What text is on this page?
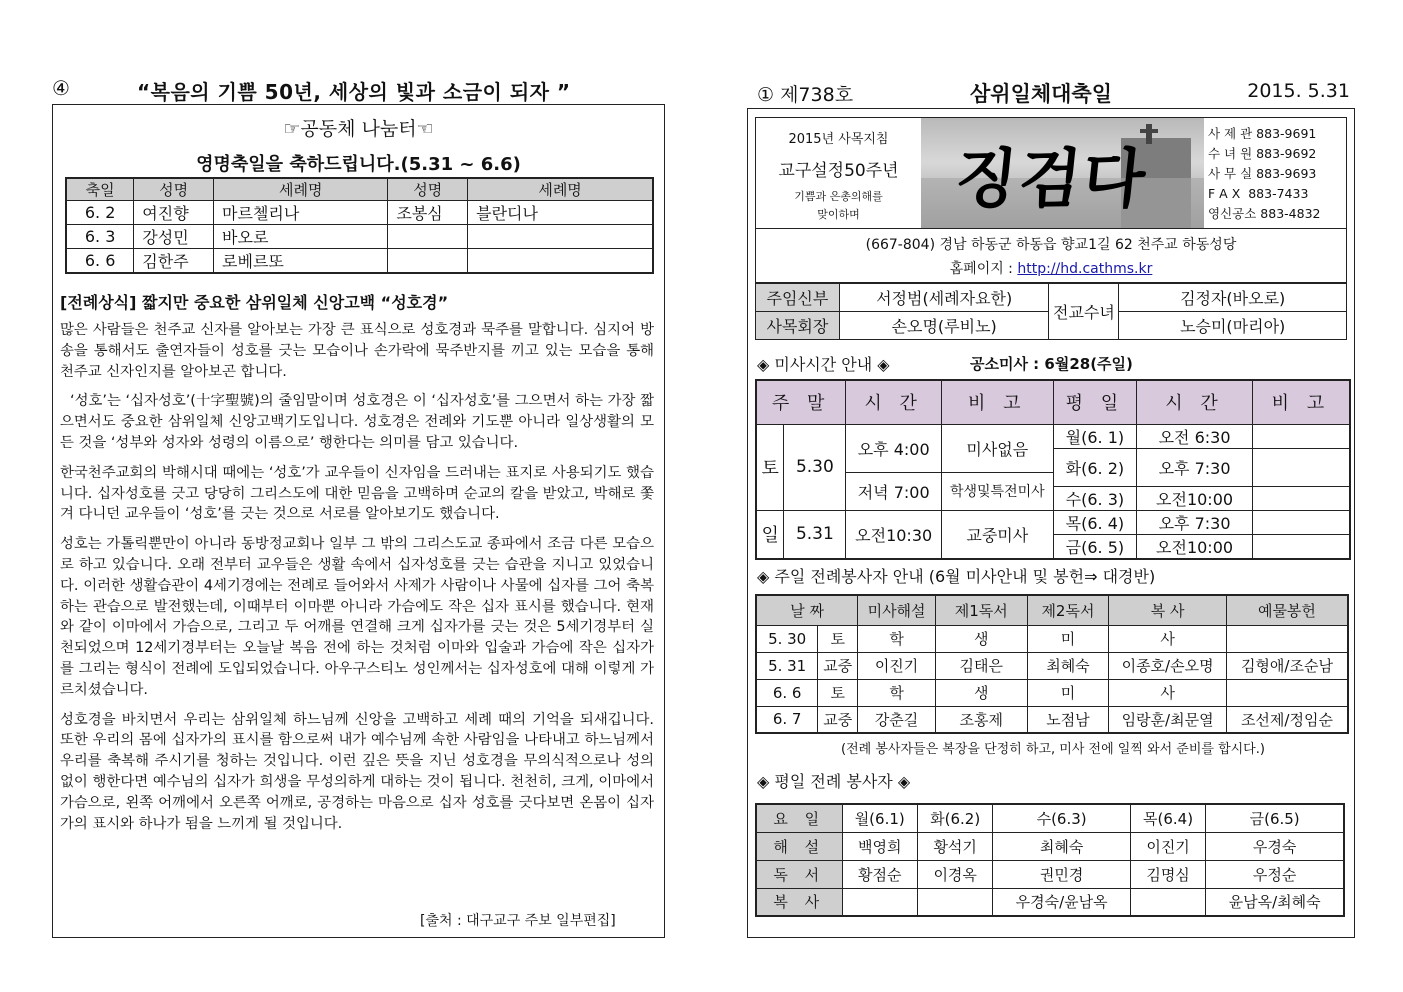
④	“복음의 기쁨 50년, 세상의 빛과 소금이 되자 ”
☞공동체 나눔터☜
영명축일을 축하드립니다.(5.31 ~ 6.6)
축일	성명	세례명	성명	세례명
6. 2	여진향	마르첼리나	조봉심	블란디나
6. 3	강성민	바오로		
6. 6	김한주	로베르또		
[전례상식] 짧지만 중요한 삼위일체 신앙고백 “성호경”

많은 사람들은 천주교 신자를 알아보는 가장 큰 표식으로 성호경과 묵주를 말합니다. 심지어 방송을 통해서도 출연자들이 성호를 긋는 모습이나 손가락에 묵주반지를 끼고 있는 모습을 통해 천주교 신자인지를 알아보곤 합니다.

‘성호’는 ‘십자성호’(十字聖號)의 줄임말이며 성호경은 이 ‘십자성호’를 그으면서 하는 가장 짧으면서도 중요한 삼위일체 신앙고백기도입니다. 성호경은 전례와 기도뿐 아니라 일상생활의 모든 것을 ‘성부와 성자와 성령의 이름으로’ 행한다는 의미를 담고 있습니다.

한국천주교회의 박해시대 때에는 ‘성호’가 교우들이 신자임을 드러내는 표지로 사용되기도 했습니다. 십자성호를 긋고 당당히 그리스도에 대한 믿음을 고백하며 순교의 칼을 받았고, 박해로 쫓겨 다니던 교우들이 ‘성호’를 긋는 것으로 서로를 알아보기도 했습니다.

성호는 가톨릭뿐만이 아니라 동방정교회나 일부 그 밖의 그리스도교 종파에서 조금 다른 모습으로 하고 있습니다. 오래 전부터 교우들은 생활 속에서 십자성호를 긋는 습관을 지니고 있었습니다. 이러한 생활습관이 4세기경에는 전례로 들어와서 사제가 사람이나 사물에 십자를 그어 축복하는 관습으로 발전했는데, 이때부터 이마뿐 아니라 가슴에도 작은 십자 표시를 했습니다. 현재와 같이 이마에서 가슴으로, 그리고 두 어깨를 연결해 크게 십자가를 긋는 것은 5세기경부터 실천되었으며 12세기경부터는 오늘날 복음 전에 하는 것처럼 이마와 입술과 가슴에 작은 십자가를 그리는 형식이 전례에 도입되었습니다. 아우구스티노 성인께서는 십자성호에 대해 이렇게 가르치셨습니다.

성호경을 바치면서 우리는 삼위일체 하느님께 신앙을 고백하고 세례 때의 기억을 되새깁니다. 또한 우리의 몸에 십자가의 표시를 함으로써 내가 예수님께 속한 사람임을 나타내고 하느님께서 우리를 축복해 주시기를 청하는 것입니다. 이런 깊은 뜻을 지닌 성호경을 무의식적으로나 성의 없이 행한다면 예수님의 십자가 희생을 무성의하게 대하는 것이 됩니다. 천천히, 크게, 이마에서 가슴으로, 왼쪽 어깨에서 오른쪽 어깨로, 공경하는 마음으로 십자 성호를 긋다보면 온몸이 십자가의 표시와 하나가 됨을 느끼게 될 것입니다.

[출처 : 대구교구 주보 일부편집]
① 제738호	삼위일체대축일	2015. 5.31
2015년 사목지침
교구설정50주년
기쁨과 은총의해를
맞이하며	징검다리
사 제 관 883-9691
수 녀 원 883-9692
사 무 실 883-9693
F A X 883-7433
영신공소 883-4832
(667-804) 경남 하동군 하동읍 향교1길 62 천주교 하동성당
홈페이지 : http://hd.cathms.kr
주임신부	서정범(세례자요한)	전교수녀	김정자(바오로)
사목회장	손오명(루비노)		노승미(마리아)
◈ 미사시간 안내 ◈	공소미사 : 6월28(주일)
주 말		시 간	비 고	평 일	시 간	비 고
토	5.30	오후 4:00	미사없음	월(6. 1)	오전 6:30	
				화(6. 2)	오후 7:30	
		저녁 7:00	학생및특전미사			
				수(6. 3)	오전10:00	
일	5.31	오전10:30	교중미사	목(6. 4)	오후 7:30	
				금(6. 5)	오전10:00	
◈ 주일 전례봉사자 안내 (6월 미사안내 및 봉헌⇒ 대경반)
날 짜		미사해설	제1독서	제2독서	복 사	예물봉헌
5. 30	토	학	생	미	사	
5. 31	교중	이진기	김태은	최혜숙	이종호/손오명	김형애/조순남
6. 6	토	학	생	미	사	
6. 7	교중	강춘길	조홍제	노점남	임랑훈/최문열	조선제/정임순
(전례 봉사자들은 복장을 단정히 하고, 미사 전에 일찍 와서 준비를 합시다.)
◈ 평일 전례 봉사자 ◈
요 일	월(6.1)	화(6.2)	수(6.3)	목(6.4)	금(6.5)
해 설	백영희	황석기	최혜숙	이진기	우경숙
독 서	황점순	이경옥	권민경	김명심	우정순
복 사			우경숙/윤남옥		윤남옥/최혜숙
